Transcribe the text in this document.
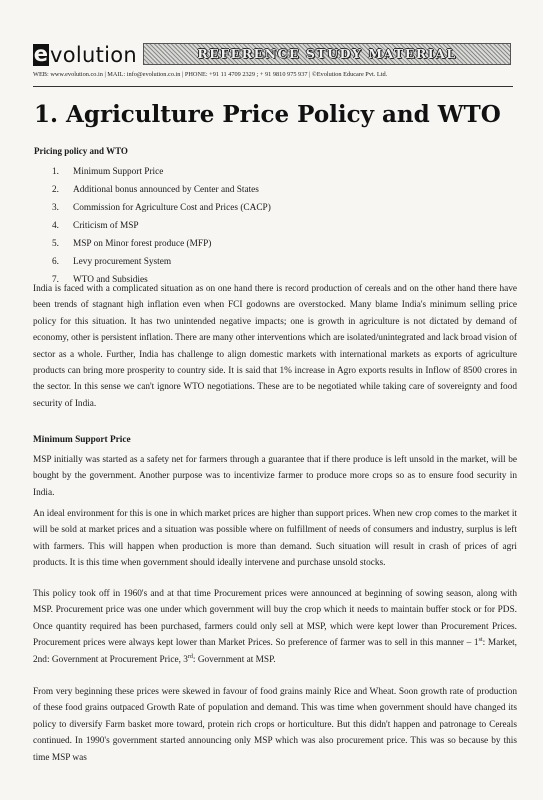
evolution	REFERENCE STUDY MATERIAL
WEB: www.evolution.co.in | MAIL: info@evolution.co.in | PHONE: +91 11 4709 2329 ; + 91 9810 975 937 | ©Evolution Educare Pvt. Ltd.
1. Agriculture Price Policy and WTO
Pricing policy and WTO
1. Minimum Support Price
2. Additional bonus announced by Center and States
3. Commission for Agriculture Cost and Prices (CACP)
4. Criticism of MSP
5. MSP on Minor forest produce (MFP)
6. Levy procurement System
7. WTO and Subsidies

India is faced with a complicated situation as on one hand there is record production of cereals and on the other hand there have been trends of stagnant high inflation even when FCI godowns are overstocked. Many blame India's minimum selling price policy for this situation. It has two unintended negative impacts; one is growth in agriculture is not dictated by demand of economy, other is persistent inflation. There are many other interventions which are isolated/unintegrated and lack broad vision of sector as a whole. Further, India has challenge to align domestic markets with international markets as exports of agriculture products can bring more prosperity to country side. It is said that 1% increase in Agro exports results in Inflow of 8500 crores in the sector. In this sense we can't ignore WTO negotiations. These are to be negotiated while taking care of sovereignty and food security of India.

Minimum Support Price

MSP initially was started as a safety net for farmers through a guarantee that if there produce is left unsold in the market, will be bought by the government. Another purpose was to incentivize farmer to produce more crops so as to ensure food security in India.

An ideal environment for this is one in which market prices are higher than support prices. When new crop comes to the market it will be sold at market prices and a situation was possible where on fulfillment of needs of consumers and industry, surplus is left with farmers. This will happen when production is more than demand. Such situation will result in crash of prices of agri products. It is this time when government should ideally intervene and purchase unsold stocks.

This policy took off in 1960's and at that time Procurement prices were announced at beginning of sowing season, along with MSP. Procurement price was one under which government will buy the crop which it needs to maintain buffer stock or for PDS. Once quantity required has been purchased, farmers could only sell at MSP, which were kept lower than Procurement Prices. Procurement prices were always kept lower than Market Prices. So preference of farmer was to sell in this manner – 1st: Market, 2nd: Government at Procurement Price, 3rd: Government at MSP.

From very beginning these prices were skewed in favour of food grains mainly Rice and Wheat. Soon growth rate of production of these food grains outpaced Growth Rate of population and demand. This was time when government should have changed its policy to diversify Farm basket more toward, protein rich crops or horticulture. But this didn't happen and patronage to Cereals continued. In 1990's government started announcing only MSP which was also procurement price. This was so because by this time MSP was
